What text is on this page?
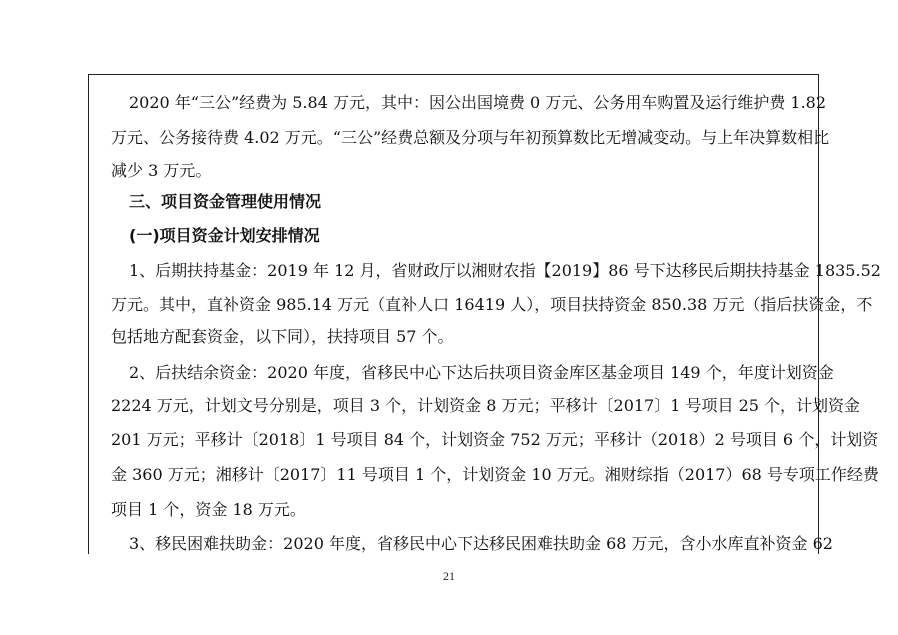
2020 年“三公”经费为 5.84 万元，其中：因公出国境费 0 万元、公务用车购置及运行维护费 1.82
万元、公务接待费 4.02 万元。“三公”经费总额及分项与年初预算数比无增减变动。与上年决算数相比
减少 3 万元。
三、项目资金管理使用情况
(一)项目资金计划安排情况
1、后期扶持基金：2019 年 12 月，省财政厅以湘财农指【2019】86 号下达移民后期扶持基金 1835.52
万元。其中，直补资金 985.14 万元（直补人口 16419 人），项目扶持资金 850.38 万元（指后扶资金，不
包括地方配套资金，以下同），扶持项目 57 个。
2、后扶结余资金：2020 年度，省移民中心下达后扶项目资金库区基金项目 149 个，年度计划资金
2224 万元，计划文号分别是，项目 3 个，计划资金 8 万元；平移计〔2017〕1 号项目 25 个，计划资金
201 万元；平移计〔2018〕1 号项目 84 个，计划资金 752 万元；平移计（2018）2 号项目 6 个，计划资
金 360 万元；湘移计〔2017〕11 号项目 1 个，计划资金 10 万元。湘财综指（2017）68 号专项工作经费
项目 1 个，资金 18 万元。
3、移民困难扶助金：2020 年度，省移民中心下达移民困难扶助金 68 万元，含小水库直补资金 62
21
